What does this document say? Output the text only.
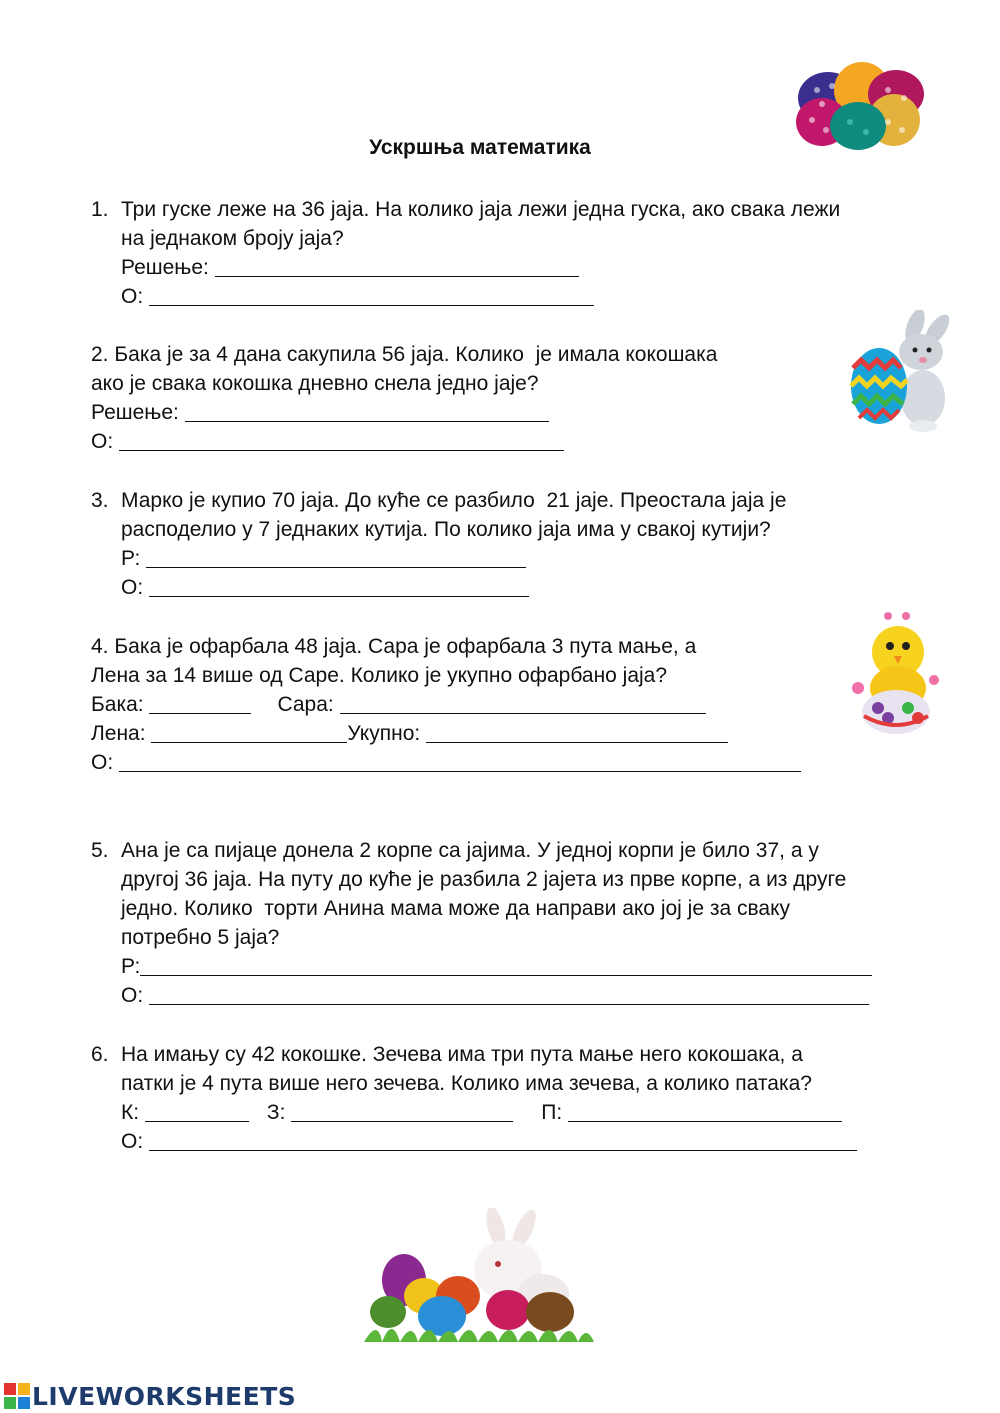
Ускршња математика
1. Три гуске леже на 36 јаја. На колико јаја лежи једна гуска, ако свака лежи
на једнаком броју јаја?
Решење:
О:
2. Бака је за 4 дана сакупила 56 јаја. Колико  је имала кокошака
ако је свака кокошка дневно снела једно јаје?
Решење:
О:
3. Марко је купио 70 јаја. До куће се разбило  21 јаје. Преостала јаја је
расподелио у 7 једнаких кутија. По колико јаја има у свакој кутији?
Р:
О:
4. Бака је офарбала 48 јаја. Сара је офарбала 3 пута мање, а
Лена за 14 више од Саре. Колико је укупно офарбано јаја?
Бака:	Сара:
Лена:	Укупно:
О:
5. Ана је са пијаце донела 2 корпе са јајима. У једној корпи је било 37, а у
другој 36 јаја. На путу до куће је разбила 2 јајета из прве корпе, а из друге
једно. Колико  торти Анина мама може да направи ако јој је за сваку
потребно 5 јаја?
Р:
О:
6. На имању су 42 кокошке. Зечева има три пута мање него кокошака, а
патки је 4 пута више него зечева. Колико има зечева, а колико патака?
К:	З:	П:
О:
LIVEWORKSHEETS
